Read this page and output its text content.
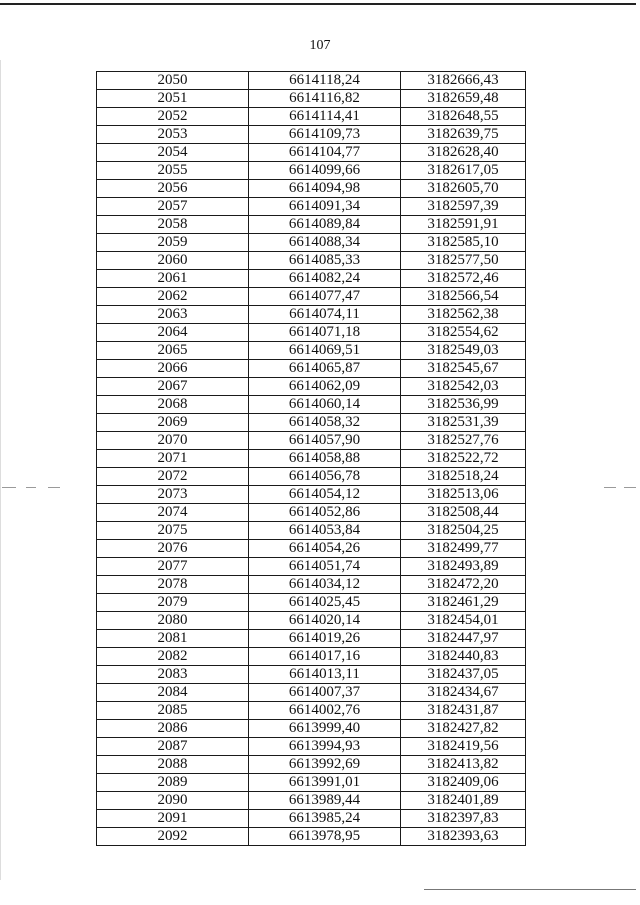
107
2050	6614118,24	3182666,43
2051	6614116,82	3182659,48
2052	6614114,41	3182648,55
2053	6614109,73	3182639,75
2054	6614104,77	3182628,40
2055	6614099,66	3182617,05
2056	6614094,98	3182605,70
2057	6614091,34	3182597,39
2058	6614089,84	3182591,91
2059	6614088,34	3182585,10
2060	6614085,33	3182577,50
2061	6614082,24	3182572,46
2062	6614077,47	3182566,54
2063	6614074,11	3182562,38
2064	6614071,18	3182554,62
2065	6614069,51	3182549,03
2066	6614065,87	3182545,67
2067	6614062,09	3182542,03
2068	6614060,14	3182536,99
2069	6614058,32	3182531,39
2070	6614057,90	3182527,76
2071	6614058,88	3182522,72
2072	6614056,78	3182518,24
2073	6614054,12	3182513,06
2074	6614052,86	3182508,44
2075	6614053,84	3182504,25
2076	6614054,26	3182499,77
2077	6614051,74	3182493,89
2078	6614034,12	3182472,20
2079	6614025,45	3182461,29
2080	6614020,14	3182454,01
2081	6614019,26	3182447,97
2082	6614017,16	3182440,83
2083	6614013,11	3182437,05
2084	6614007,37	3182434,67
2085	6614002,76	3182431,87
2086	6613999,40	3182427,82
2087	6613994,93	3182419,56
2088	6613992,69	3182413,82
2089	6613991,01	3182409,06
2090	6613989,44	3182401,89
2091	6613985,24	3182397,83
2092	6613978,95	3182393,63
